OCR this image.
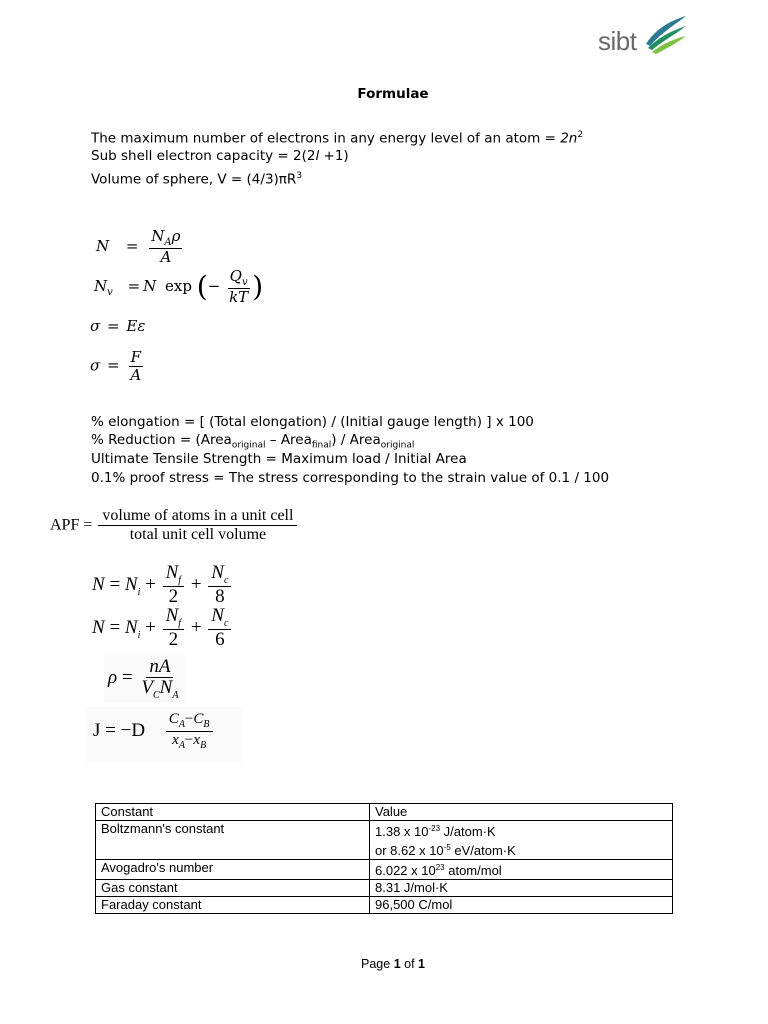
sibt
Formulae
The maximum number of electrons in any energy level of an atom = $2n^2$
Sub shell electron capacity = 2(2l +1)
Volume of sphere, $V = (4/3)\pi R^3$
$N = \frac{N_A\rho}{A}$
$N_v = N$ exp (− $\frac{Q_v}{kT}$ )
σ = Eε
$\sigma = \frac{F}{A}$
% elongation = [ (Total elongation) / (Initial gauge length) ] x 100
% Reduction = (Area$_{original}$ – Area$_{final}$) / Area$_{original}$
Ultimate Tensile Strength = Maximum load / Initial Area
0.1% proof stress = The stress corresponding to the strain value of 0.1 / 100
APF = $\frac{\text{volume of atoms in a unit cell}}{\text{total unit cell volume}}$
$N = N_i + \frac{N_f}{2} + \frac{N_c}{8}$
$N = N_i + \frac{N_f}{2} + \frac{N_c}{6}$
$\rho = \frac{nA}{V_CN_A}$
$J = -D \frac{C_A-C_B}{x_A-x_B}$
Constant	Value
Boltzmann's constant	1.38 x $10^{-23}$ J/atom·K
or 8.62 x $10^{-5}$ eV/atom·K
Avogadro's number	6.022 x $10^{23}$ atom/mol
Gas constant	8.31 J/mol·K
Faraday constant	96,500 C/mol
Page 1 of 1
